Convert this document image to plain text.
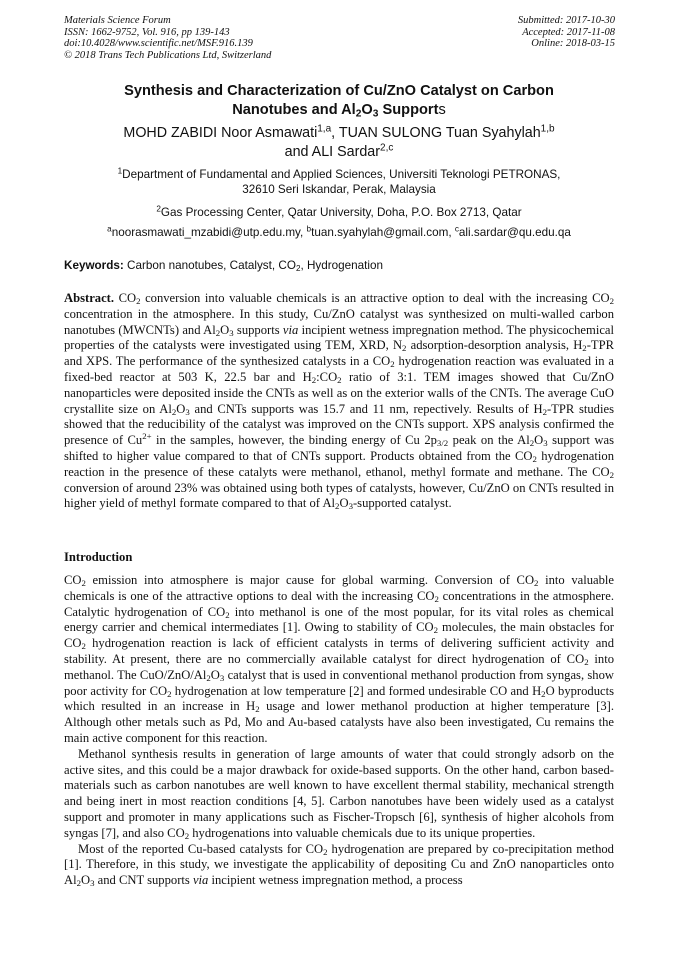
Materials Science Forum
ISSN: 1662-9752, Vol. 916, pp 139-143
doi:10.4028/www.scientific.net/MSF.916.139
© 2018 Trans Tech Publications Ltd, Switzerland
Submitted: 2017-10-30
Accepted: 2017-11-08
Online: 2018-03-15
Synthesis and Characterization of Cu/ZnO Catalyst on Carbon
Nanotubes and $Al_2O_3$ Supports
MOHD ZABIDI Noor Asmawati$^{1,a}$, TUAN SULONG Tuan Syahylah$^{1,b}$
and ALI Sardar$^{2,c}$
$^1$Department of Fundamental and Applied Sciences, Universiti Teknologi PETRONAS,
32610 Seri Iskandar, Perak, Malaysia
$^2$Gas Processing Center, Qatar University, Doha, P.O. Box 2713, Qatar
$^a$noorasmawati_mzabidi@utp.edu.my, $^b$tuan.syahylah@gmail.com, $^c$ali.sardar@qu.edu.qa
Keywords: Carbon nanotubes, Catalyst, $CO_2$, Hydrogenation

Abstract. $CO_2$ conversion into valuable chemicals is an attractive option to deal with the increasing $CO_2$ concentration in the atmosphere. In this study, Cu/ZnO catalyst was synthesized on multi-walled carbon nanotubes (MWCNTs) and $Al_2O_3$ supports via incipient wetness impregnation method. The physicochemical properties of the catalysts were investigated using TEM, XRD, $N_2$ adsorption-desorption analysis, $H_2$-TPR and XPS. The performance of the synthesized catalysts in a $CO_2$ hydrogenation reaction was evaluated in a fixed-bed reactor at 503 K, 22.5 bar and $H_2:CO_2$ ratio of 3:1. TEM images showed that Cu/ZnO nanoparticles were deposited inside the CNTs as well as on the exterior walls of the CNTs. The average CuO crystallite size on $Al_2O_3$ and CNTs supports was 15.7 and 11 nm, repectively. Results of $H_2$-TPR studies showed that the reducibility of the catalyst was improved on the CNTs support. XPS analysis confirmed the presence of $Cu^{2+}$ in the samples, however, the binding energy of Cu $2p_{3/2}$ peak on the $Al_2O_3$ support was shifted to higher value compared to that of CNTs support. Products obtained from the $CO_2$ hydrogenation reaction in the presence of these catalyts were methanol, ethanol, methyl formate and methane. The $CO_2$ conversion of around 23% was obtained using both types of catalysts, however, Cu/ZnO on CNTs resulted in higher yield of methyl formate compared to that of $Al_2O_3$-supported catalyst.

Introduction

$CO_2$ emission into atmosphere is major cause for global warming. Conversion of $CO_2$ into valuable chemicals is one of the attractive options to deal with the increasing $CO_2$ concentrations in the atmosphere. Catalytic hydrogenation of $CO_2$ into methanol is one of the most popular, for its vital roles as chemical energy carrier and chemical intermediates [1]. Owing to stability of $CO_2$ molecules, the main obstacles for $CO_2$ hydrogenation reaction is lack of efficient catalysts in terms of delivering sufficient activity and stability. At present, there are no commercially available catalyst for direct hydrogenation of $CO_2$ into methanol. The CuO/$ZnO/Al_2O_3$ catalyst that is used in conventional methanol production from syngas, show poor activity for $CO_2$ hydrogenation at low temperature [2] and formed undesirable CO and $H_2O$ byproducts which resulted in an increase in $H_2$ usage and lower methanol production at higher temperature [3]. Although other metals such as Pd, Mo and Au-based catalysts have also been investigated, Cu remains the main active component for this reaction.

Methanol synthesis results in generation of large amounts of water that could strongly adsorb on the active sites, and this could be a major drawback for oxide-based supports. On the other hand, carbon based-materials such as carbon nanotubes are well known to have excellent thermal stability, mechanical strength and being inert in most reaction conditions [4, 5]. Carbon nanotubes have been widely used as a catalyst support and promoter in many applications such as Fischer-Tropsch [6], synthesis of higher alcohols from syngas [7], and also $CO_2$ hydrogenations into valuable chemicals due to its unique properties.

Most of the reported Cu-based catalysts for $CO_2$ hydrogenation are prepared by co-precipitation method [1]. Therefore, in this study, we investigate the applicability of depositing Cu and ZnO nanoparticles onto $Al_2O_3$ and CNT supports via incipient wetness impregnation method, a process
